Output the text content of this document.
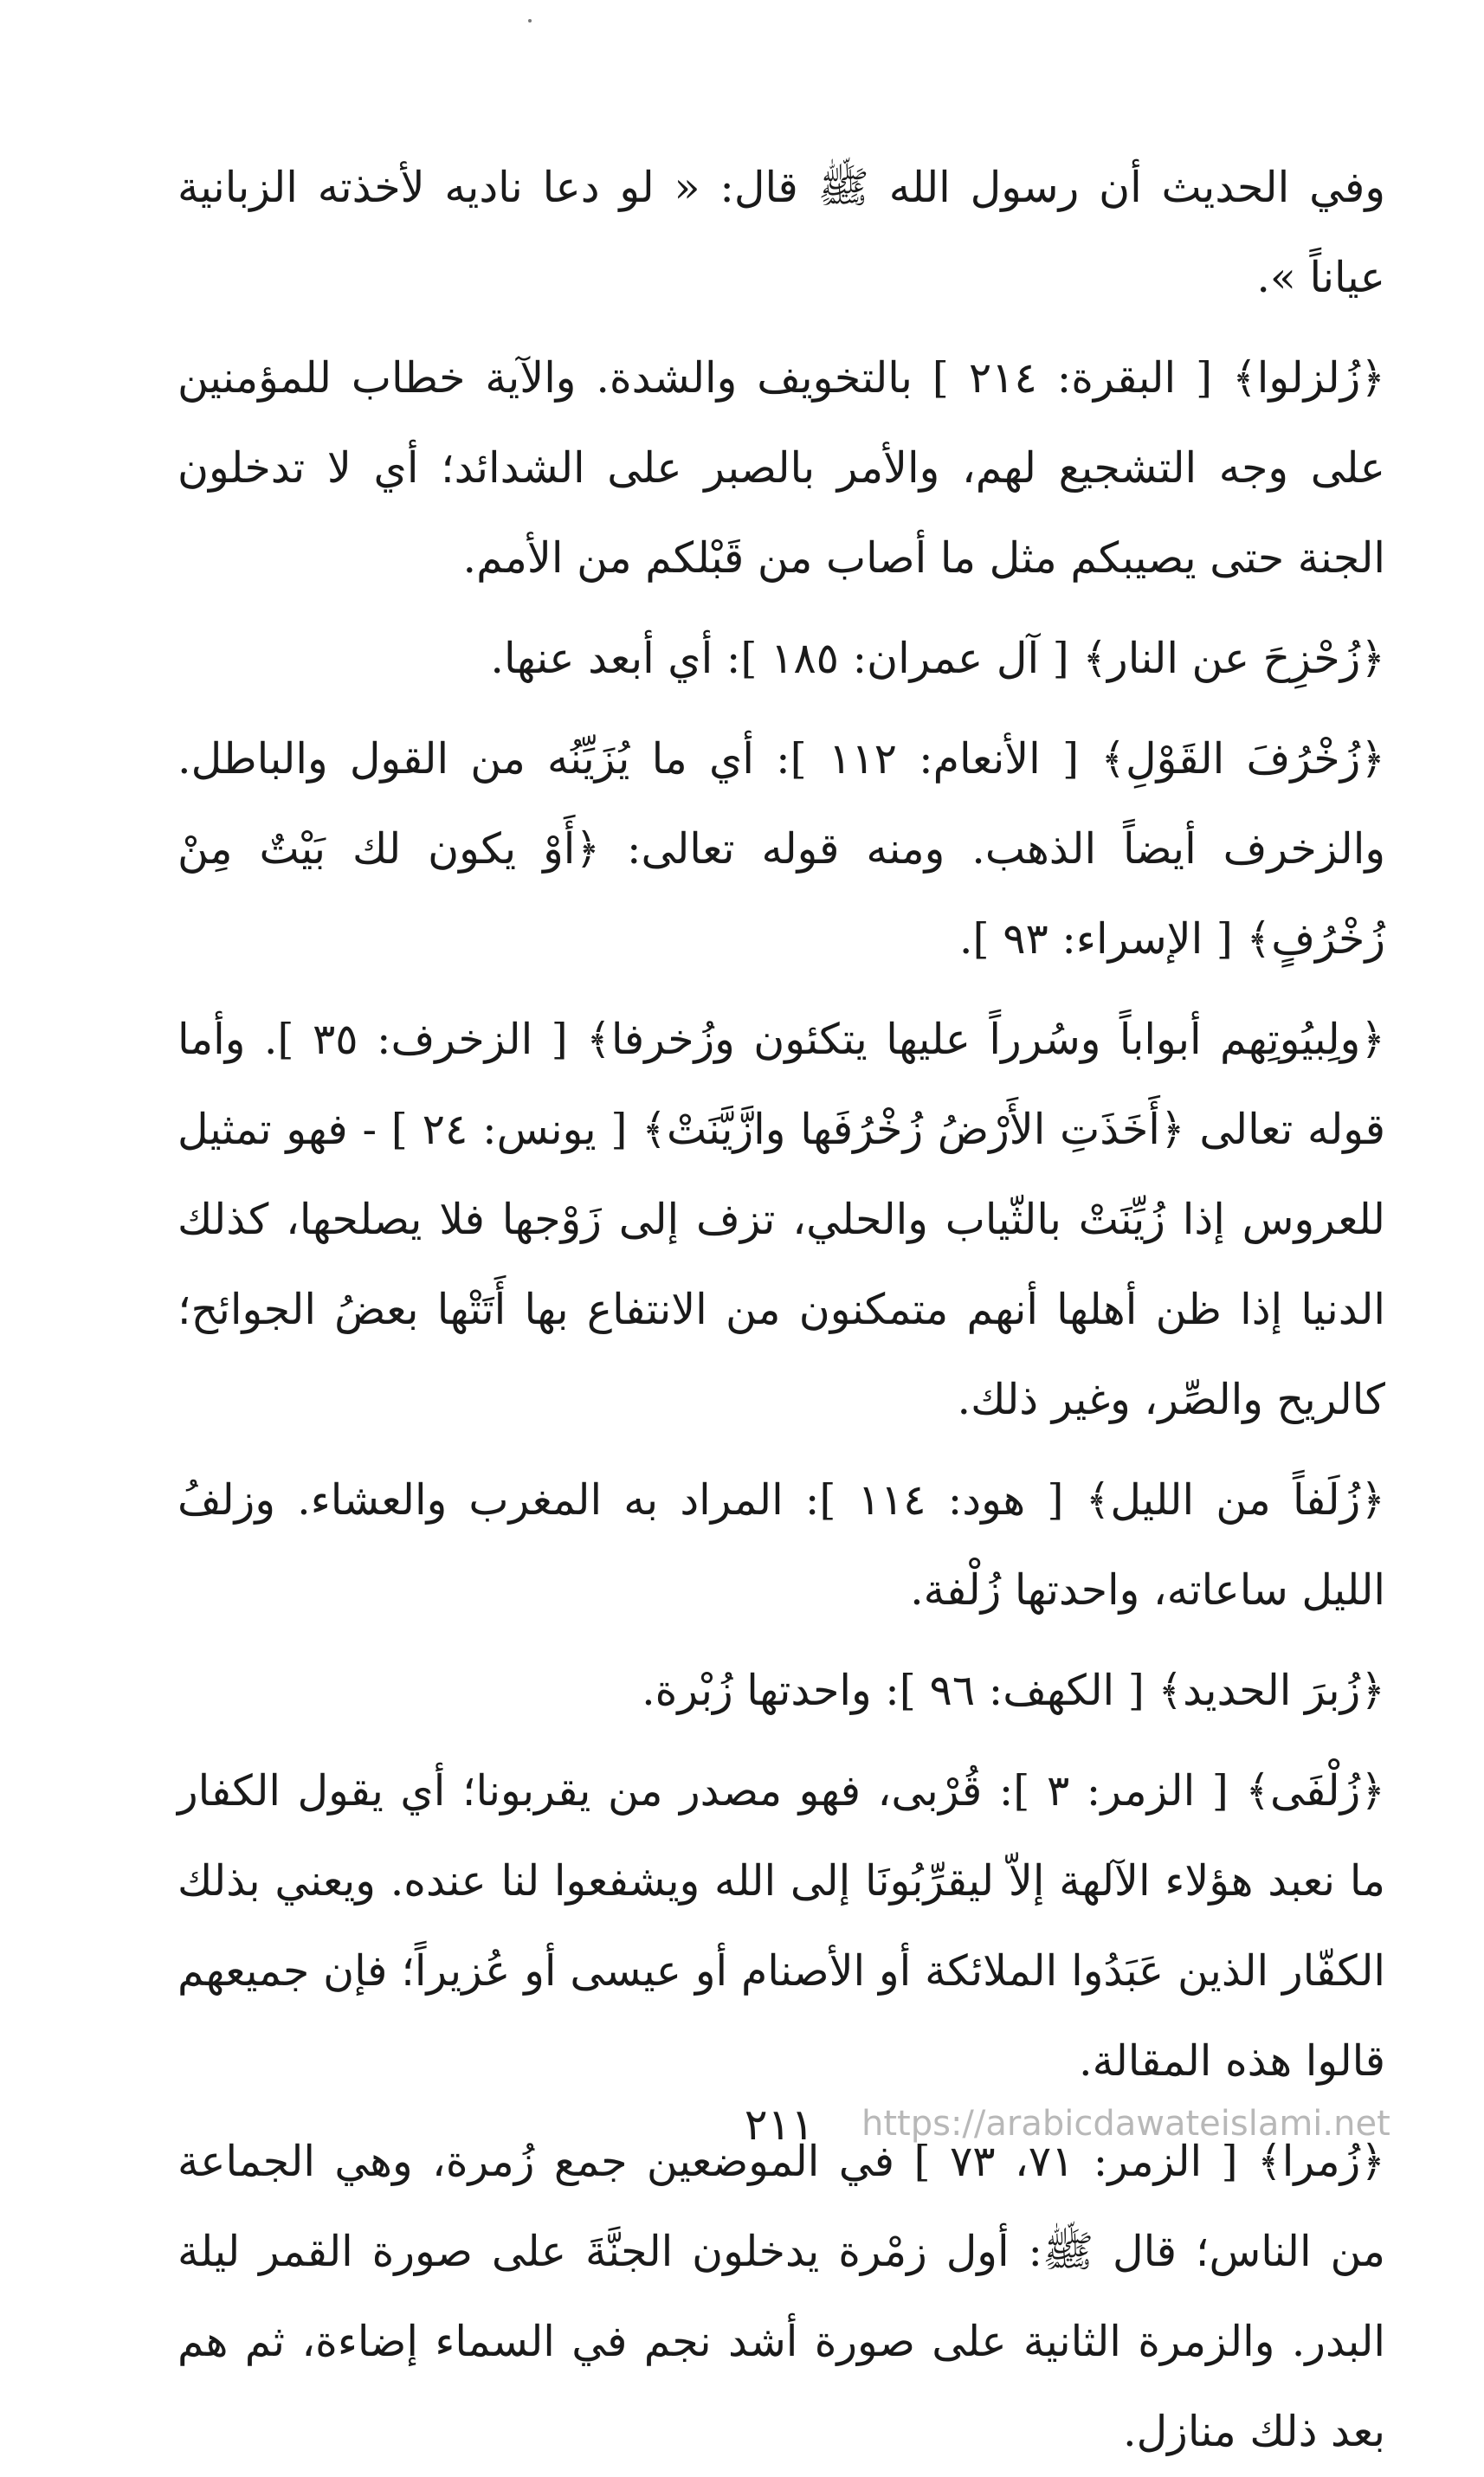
وفي الحديث أن رسول الله ﷺ قال: « لو دعا ناديه لأخذته الزبانية عياناً ».

﴿زُلزلوا﴾ [ البقرة: ٢١٤ ] بالتخويف والشدة. والآية خطاب للمؤمنين على وجه التشجيع لهم، والأمر بالصبر على الشدائد؛ أي لا تدخلون الجنة حتى يصيبكم مثل ما أصاب من قَبْلكم من الأمم.

﴿زُحْزِحَ عن النار﴾ [ آل عمران: ١٨٥ ]: أي أبعد عنها.

﴿زُخْرُفَ القَوْلِ﴾ [ الأنعام: ١١٢ ]: أي ما يُزَيِّنُه من القول والباطل. والزخرف أيضاً الذهب. ومنه قوله تعالى: ﴿أَوْ يكون لك بَيْتٌ مِنْ زُخْرُفٍ﴾ [ الإسراء: ٩٣ ].

﴿ولِبيُوتِهم أبواباً وسُرراً عليها يتكئون وزُخرفا﴾ [ الزخرف: ٣٥ ]. وأما قوله تعالى ﴿أَخَذَتِ الأَرْضُ زُخْرُفَها وازَّيَّنَتْ﴾ [ يونس: ٢٤ ] - فهو تمثيل للعروس إذا زُيِّنَتْ بالثّياب والحلي، تزف إلى زَوْجها فلا يصلحها، كذلك الدنيا إذا ظن أهلها أنهم متمكنون من الانتفاع بها أَتَتْها بعضُ الجوائح؛ كالريح والصِّر، وغير ذلك.

﴿زُلَفاً من الليل﴾ [ هود: ١١٤ ]: المراد به المغرب والعشاء. وزلفُ الليل ساعاته، واحدتها زُلْفة.

﴿زُبرَ الحديد﴾ [ الكهف: ٩٦ ]: واحدتها زُبْرة.

﴿زُلْفَى﴾ [ الزمر: ٣ ]: قُرْبى، فهو مصدر من يقربونا؛ أي يقول الكفار ما نعبد هؤلاء الآلهة إلاّ ليقرِّبُونَا إلى الله ويشفعوا لنا عنده. ويعني بذلك الكفّار الذين عَبَدُوا الملائكة أو الأصنام أو عيسى أو عُزيراً؛ فإن جميعهم قالوا هذه المقالة.

﴿زُمرا﴾ [ الزمر: ٧١، ٧٣ ] في الموضعين جمع زُمرة، وهي الجماعة من الناس؛ قال ﷺ: أول زمْرة يدخلون الجنَّةَ على صورة القمر ليلة البدر. والزمرة الثانية على صورة أشد نجم في السماء إضاءة، ثم هم بعد ذلك منازل.

٢١١	https://arabicdawateislami.net
